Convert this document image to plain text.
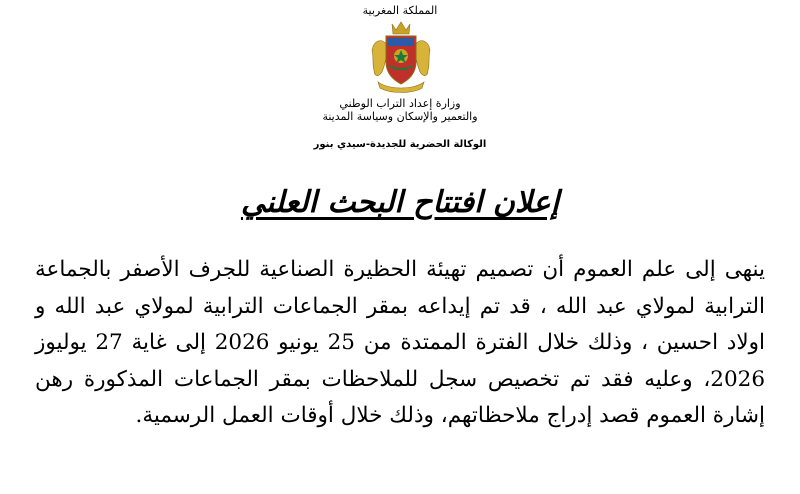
المملكة المغربية
وزارة إعداد التراب الوطني
والتعمير والإسكان وسياسة المدينة
الوكالة الحضرية للجديدة-سيدي بنور
إعلان افتتاح البحث العلني
ينهى إلى علم العموم أن تصميم تهيئة الحظيرة الصناعية للجرف الأصفر بالجماعة الترابية لمولاي عبد الله ، قد تم إيداعه بمقر الجماعات الترابية لمولاي عبد الله و اولاد احسين ، وذلك خلال الفترة الممتدة من 25 يونيو 2026 إلى غاية 27 يوليوز 2026، وعليه فقد تم تخصيص سجل للملاحظات بمقر الجماعات المذكورة رهن إشارة العموم قصد إدراج ملاحظاتهم، وذلك خلال أوقات العمل الرسمية.
